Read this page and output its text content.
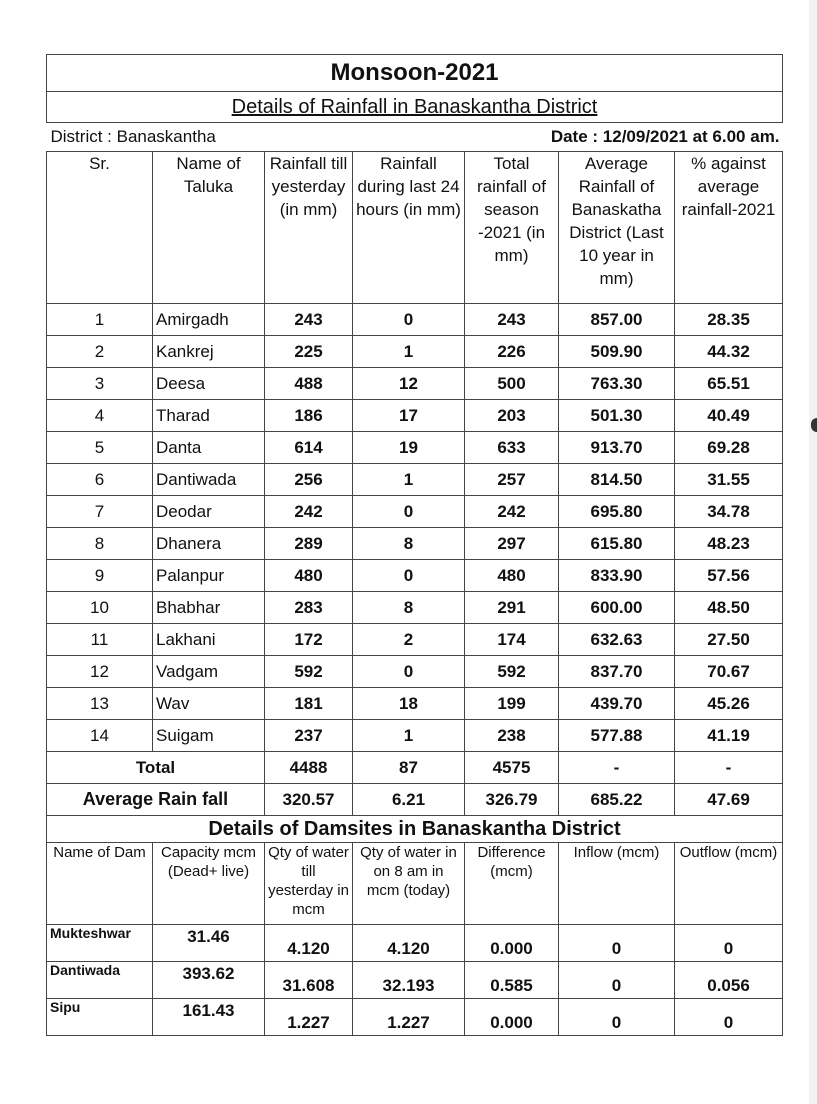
Monsoon-2021						
Details of Rainfall in Banaskantha District						
District : Banaskantha			Date : 12/09/2021 at 6.00 am.			
Sr.	Name of Taluka	Rainfall till yesterday (in mm)	Rainfall during last 24 hours (in mm)	Total rainfall of season -2021 (in mm)	Average Rainfall of Banaskatha District (Last 10 year in mm)	% against average rainfall-2021
1	Amirgadh	243	0	243	857.00	28.35
2	Kankrej	225	1	226	509.90	44.32
3	Deesa	488	12	500	763.30	65.51
4	Tharad	186	17	203	501.30	40.49
5	Danta	614	19	633	913.70	69.28
6	Dantiwada	256	1	257	814.50	31.55
7	Deodar	242	0	242	695.80	34.78
8	Dhanera	289	8	297	615.80	48.23
9	Palanpur	480	0	480	833.90	57.56
10	Bhabhar	283	8	291	600.00	48.50
11	Lakhani	172	2	174	632.63	27.50
12	Vadgam	592	0	592	837.70	70.67
13	Wav	181	18	199	439.70	45.26
14	Suigam	237	1	238	577.88	41.19
Total		4488	87	4575	-	-
Average Rain fall		320.57	6.21	326.79	685.22	47.69
Details of Damsites in Banaskantha District						
Name of Dam	Capacity mcm (Dead+ live)	Qty of water till yesterday in mcm	Qty of water in on 8 am in mcm (today)	Difference (mcm)	Inflow (mcm)	Outflow (mcm)
Mukteshwar	31.46	4.120	4.120	0.000	0	0
Dantiwada	393.62	31.608	32.193	0.585	0	0.056
Sipu	161.43	1.227	1.227	0.000	0	0
